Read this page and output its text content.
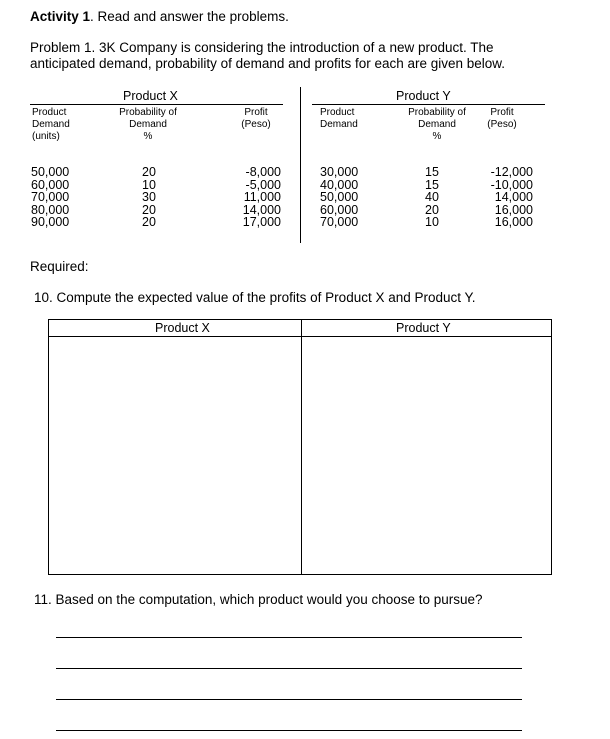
Activity 1. Read and answer the problems.
Problem 1. 3K Company is considering the introduction of a new product. The
anticipated demand, probability of demand and profits for each are given below.
Product X	Product Y
Product
Demand
(units)
Probability of
Demand
%
Profit
(Peso)
Product
Demand
Probability of
Demand
%
Profit
(Peso)
50,000
60,000
70,000
80,000
90,000
20
10
30
20
20
-8,000
-5,000
11,000
14,000
17,000
30,000
40,000
50,000
60,000
70,000
15
15
40
20
10
-12,000
-10,000
14,000
16,000
16,000
Required:
10. Compute the expected value of the profits of Product X and Product Y.
Product X	Product Y
11. Based on the computation, which product would you choose to pursue?
